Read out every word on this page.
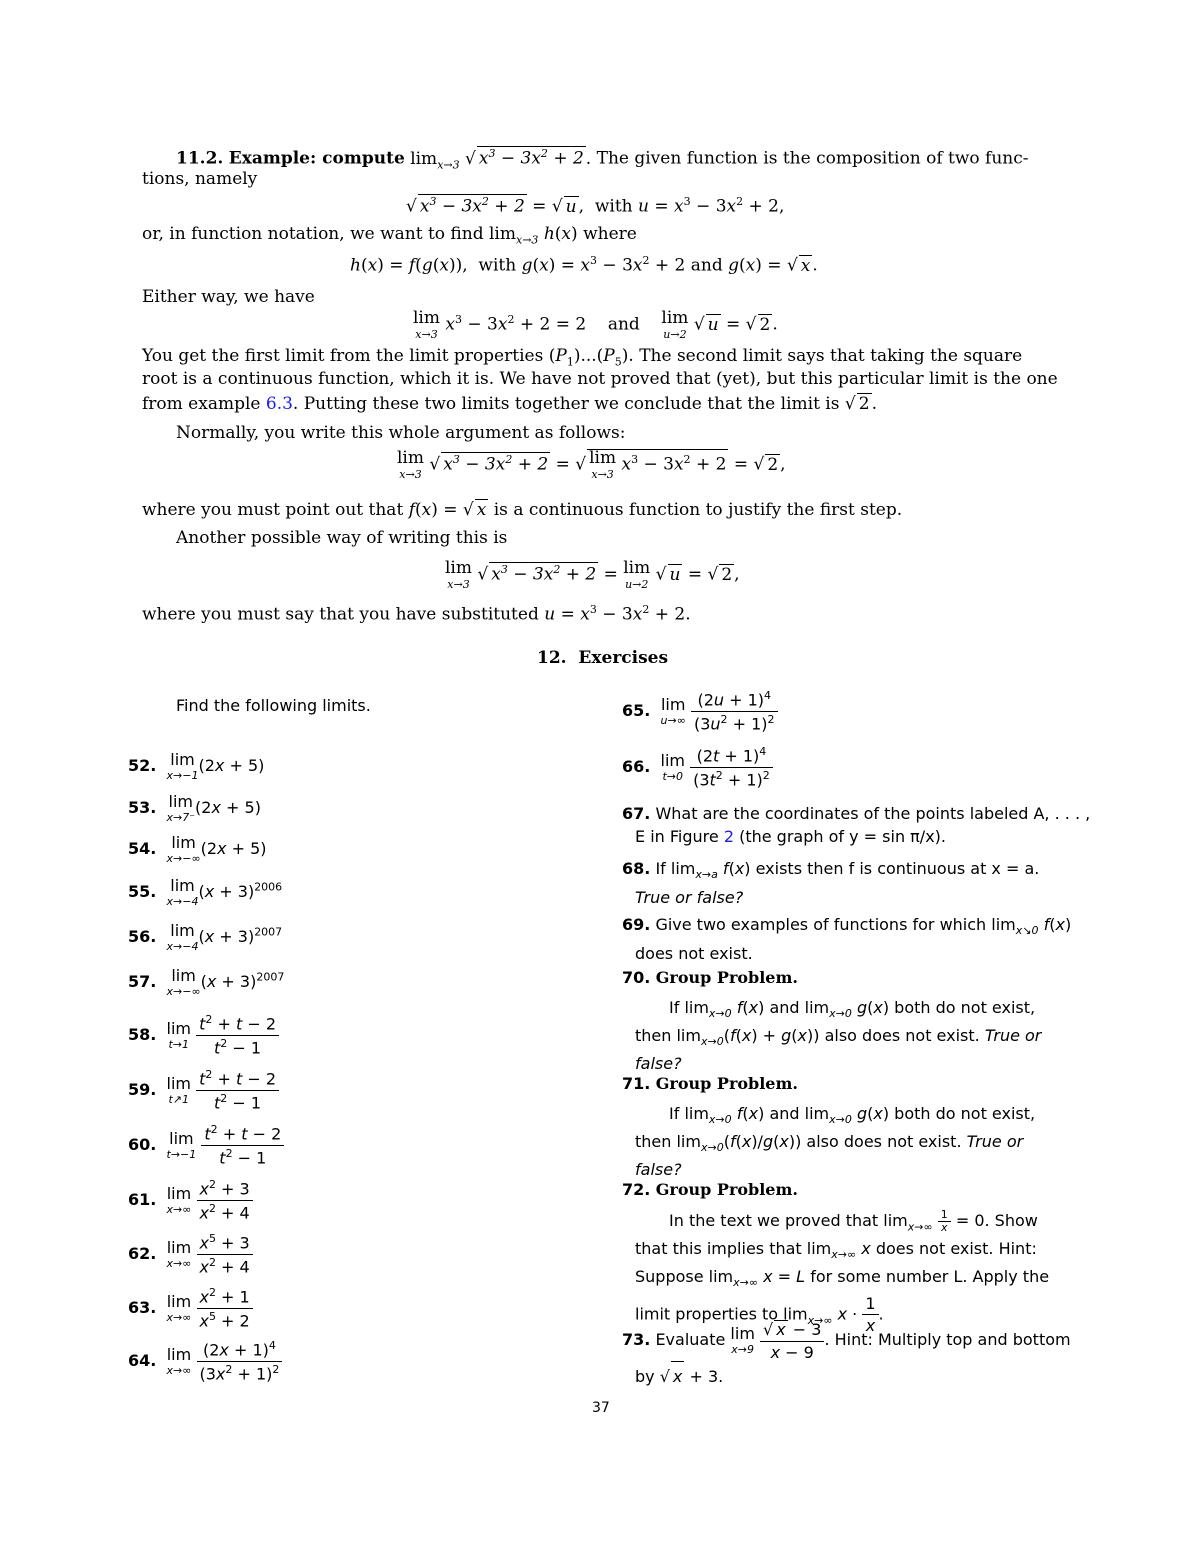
11.2. Example: compute $\lim_{x\to 3}$ √ $x^3 - 3x^2 + 2$ . The given function is the composition of two func-
tions, namely
√ $x^3 - 3x^2 + 2$ = √ u ,  with $u = x^3 - 3x^2 + 2$,
or, in function notation, we want to find $\lim_{x\to 3} h(x)$ where
h(x) = f(g(x)),  with $g(x) = x^3 - 3x^2 + 2$ and g(x) = √ x .
Either way, we have
lim
x→3 $x^3 - 3x^2 + 2 = 2$    and lim
u→2 √ u = √ 2 .
You get the first limit from the limit properties $(P_1)...(P_5)$. The second limit says that taking the square
root is a continuous function, which it is. We have not proved that (yet), but this particular limit is the one
from example 6.3. Putting these two limits together we conclude that the limit is √ 2 .
Normally, you write this whole argument as follows:
lim
x→3 √ $x^3 - 3x^2 + 2$ = √ lim
x→3 $x^3 - 3x^2 + 2$ = √ 2 ,
where you must point out that f(x) = √ x is a continuous function to justify the first step.
Another possible way of writing this is
lim
x→3 √ $x^3 - 3x^2 + 2 = \lim$
u→2 √ u = √ 2 ,
where you must say that you have substituted $u = x^3 - 3x^2 + 2$.
12. Exercises
Find the following limits.
52. lim
x→−1
(2x + 5)
53. lim
x→7⁻
(2x + 5)
54. lim
x→−∞
(2x + 5)
55. lim
x→−4
$(x + 3)^{2006}$
56. lim
x→−4
$(x + 3)^{2007}$
57. lim
x→−∞
$(x + 3)^{2007}$
58. lim
t→1
$\frac{t^2 + t - 2}{t^2 - 1}$
59. lim
t↗1
$\frac{t^2 + t - 2}{t^2 - 1}$
60. lim
t→−1
$\frac{t^2 + t - 2}{t^2 - 1}$
61. lim
x→∞
$\frac{x^2 + 3}{x^2 + 4}$
62. lim
x→∞
$\frac{x^5 + 3}{x^2 + 4}$
63. lim
x→∞
$\frac{x^2 + 1}{x^5 + 2}$
64. lim
x→∞
$\frac{(2x + 1)^4}{(3x^2 + 1)^2}$
65. lim
u→∞
$\frac{(2u + 1)^4}{(3u^2 + 1)^2}$
66. lim
t→0
$\frac{(2t + 1)^4}{(3t^2 + 1)^2}$
67. What are the coordinates of the points labeled A, . . . ,
E in Figure 2 (the graph of y = sin π/x).
68. If $\lim_{x\to a} f(x)$ exists then f is continuous at x = a.
True or false?
69. Give two examples of functions for which $\lim_{x↘0} f(x)$
does not exist.
70. Group Problem.
If $\lim_{x\to 0} f(x)$ and $\lim_{x\to 0} g(x)$ both do not exist,
then $\lim_{x\to 0}(f(x) + g(x))$ also does not exist. True or
false?
71. Group Problem.
If $\lim_{x\to 0} f(x)$ and $\lim_{x\to 0} g(x)$ both do not exist,
then $\lim_{x\to 0}(f(x)/g(x))$ also does not exist. True or
false?
72. Group Problem.
In the text we proved that $\lim_{x\to\infty} \frac{1}{x} = 0$. Show
that this implies that $\lim_{x\to\infty} x$ does not exist. Hint:
Suppose $\lim_{x\to\infty} x = L$ for some number L. Apply the
limit properties to $\lim_{x\to\infty} x \cdot \frac{1}{x}$ .
73. Evaluate lim
x→9
$\frac{√ x - 3}{x - 9}$ . Hint: Multiply top and bottom
by √ x + 3.
37
